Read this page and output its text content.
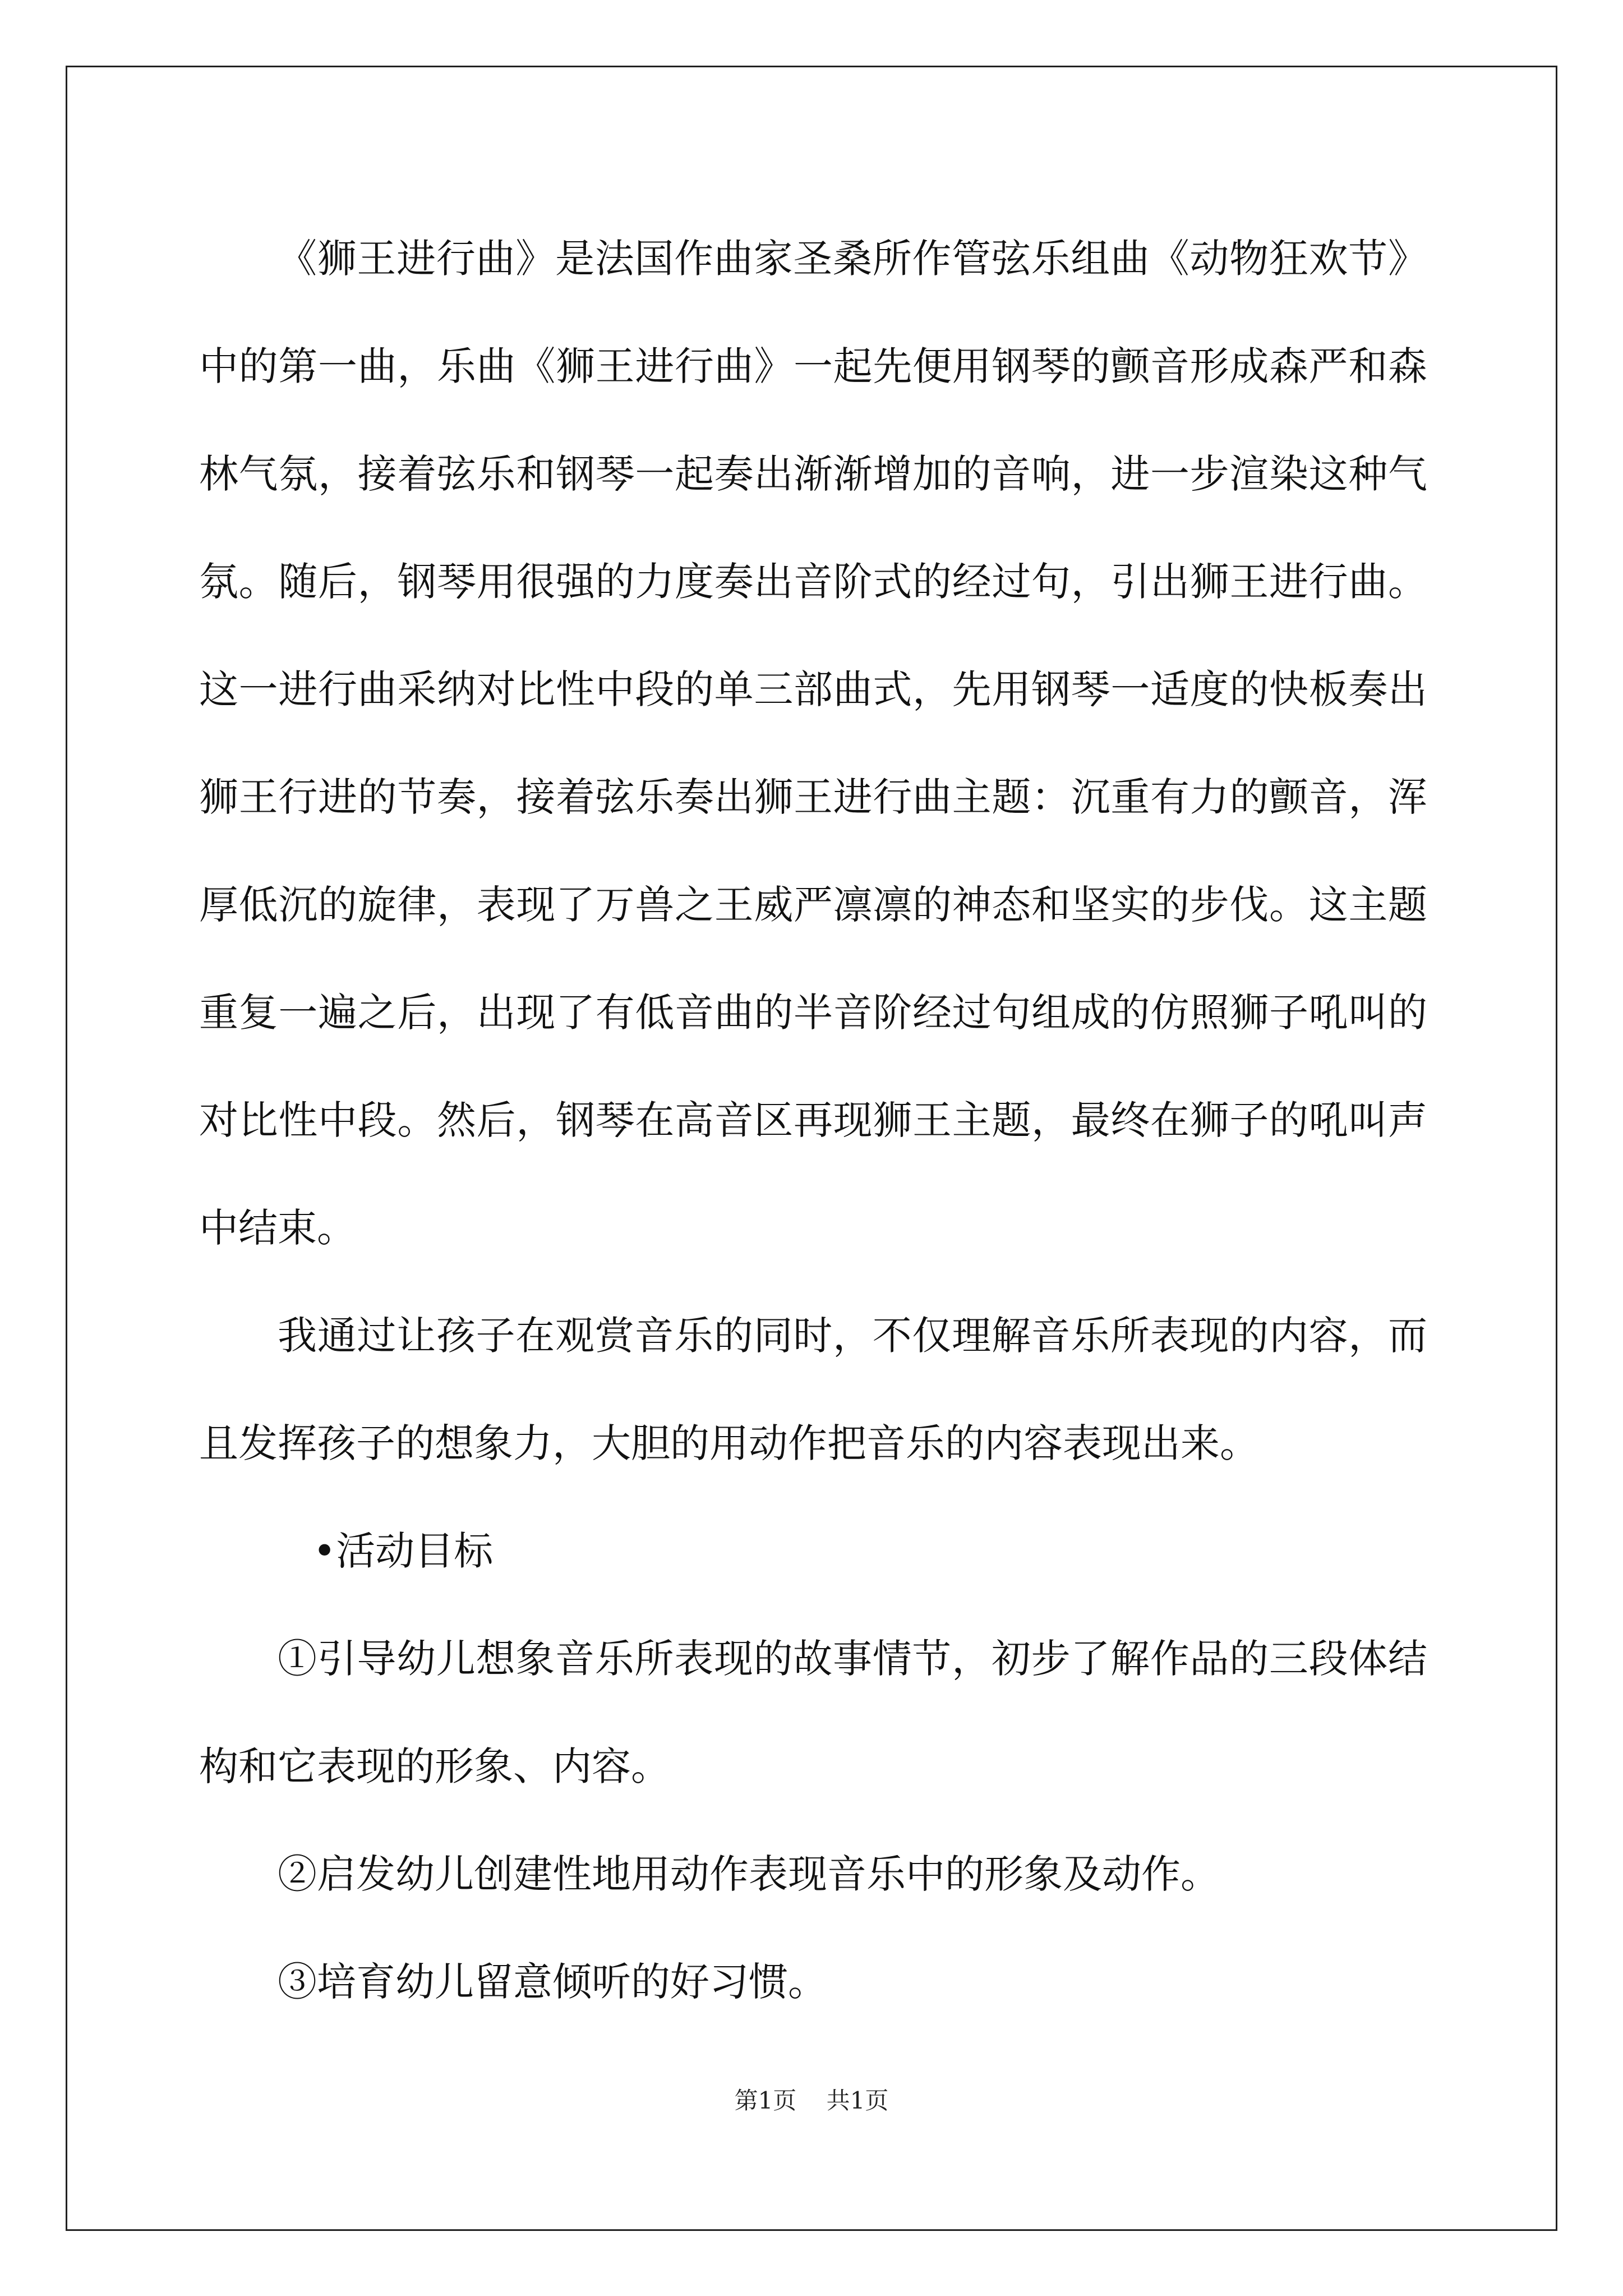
《狮王进行曲》是法国作曲家圣桑所作管弦乐组曲《动物狂欢节》中的第一曲，乐曲《狮王进行曲》一起先便用钢琴的颤音形成森严和森林气氛，接着弦乐和钢琴一起奏出渐渐增加的音响，进一步渲染这种气氛。随后，钢琴用很强的力度奏出音阶式的经过句，引出狮王进行曲。这一进行曲采纳对比性中段的单三部曲式，先用钢琴一适度的快板奏出狮王行进的节奏，接着弦乐奏出狮王进行曲主题：沉重有力的颤音，浑厚低沉的旋律，表现了万兽之王威严凛凛的神态和坚实的步伐。这主题重复一遍之后，出现了有低音曲的半音阶经过句组成的仿照狮子吼叫的对比性中段。然后，钢琴在高音区再现狮王主题，最终在狮子的吼叫声中结束。

我通过让孩子在观赏音乐的同时，不仅理解音乐所表现的内容，而且发挥孩子的想象力，大胆的用动作把音乐的内容表现出来。

•活动目标

①引导幼儿想象音乐所表现的故事情节，初步了解作品的三段体结构和它表现的形象、内容。

②启发幼儿创建性地用动作表现音乐中的形象及动作。

③培育幼儿留意倾听的好习惯。

第1页    共1页
